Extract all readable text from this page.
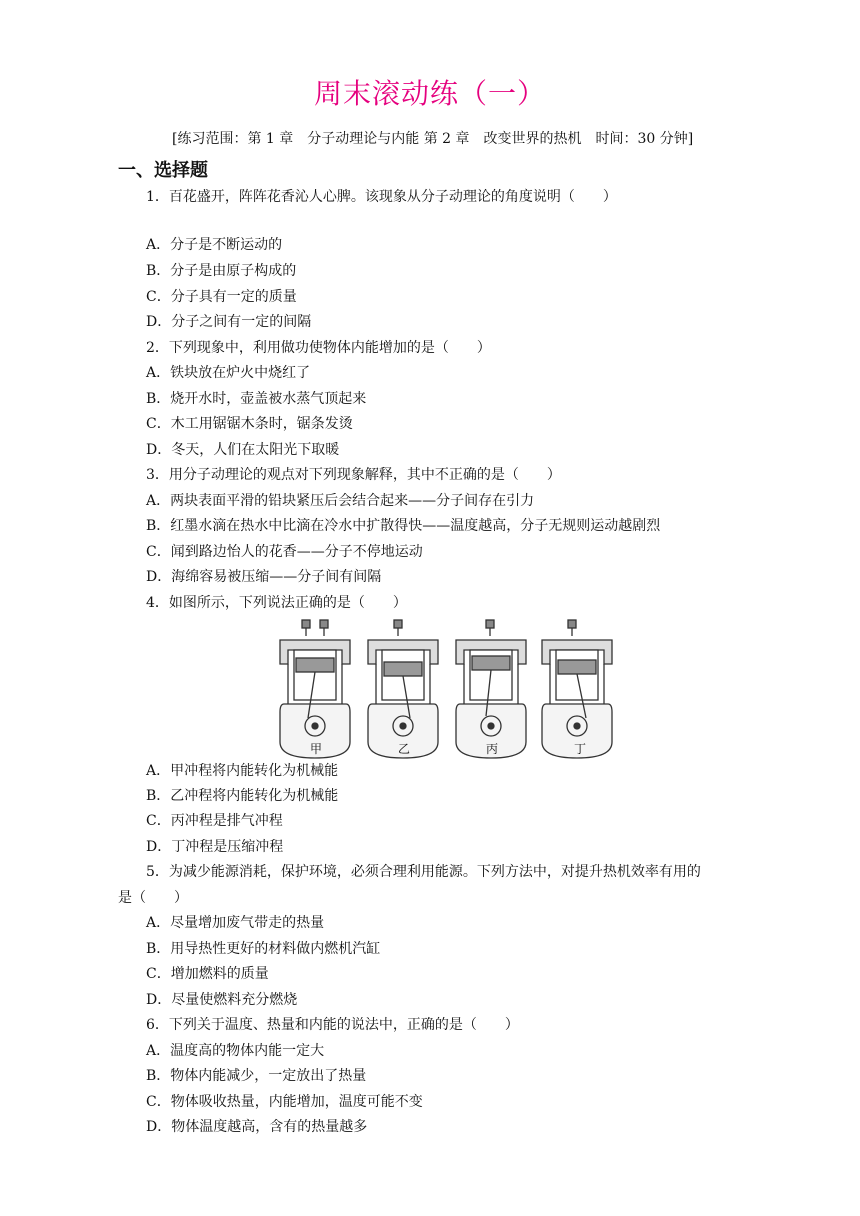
周末滚动练（一）
[练习范围：第 1 章　分子动理论与内能 第 2 章　改变世界的热机　时间：30 分钟]
一、选择题
1．百花盛开，阵阵花香沁人心脾。该现象从分子动理论的角度说明（　　）
A．分子是不断运动的
B．分子是由原子构成的
C．分子具有一定的质量
D．分子之间有一定的间隔
2．下列现象中，利用做功使物体内能增加的是（　　）
A．铁块放在炉火中烧红了
B．烧开水时，壶盖被水蒸气顶起来
C．木工用锯锯木条时，锯条发烫
D．冬天，人们在太阳光下取暖
3．用分子动理论的观点对下列现象解释，其中不正确的是（　　）
A．两块表面平滑的铅块紧压后会结合起来——分子间存在引力
B．红墨水滴在热水中比滴在冷水中扩散得快——温度越高，分子无规则运动越剧烈
C．闻到路边怡人的花香——分子不停地运动
D．海绵容易被压缩——分子间有间隔
4．如图所示，下列说法正确的是（　　）
甲	乙	丙	丁
A．甲冲程将内能转化为机械能
B．乙冲程将内能转化为机械能
C．丙冲程是排气冲程
D．丁冲程是压缩冲程
5．为减少能源消耗，保护环境，必须合理利用能源。下列方法中，对提升热机效率有用的
是（　　）
A．尽量增加废气带走的热量
B．用导热性更好的材料做内燃机汽缸
C．增加燃料的质量
D．尽量使燃料充分燃烧
6．下列关于温度、热量和内能的说法中，正确的是（　　）
A．温度高的物体内能一定大
B．物体内能减少，一定放出了热量
C．物体吸收热量，内能增加，温度可能不变
D．物体温度越高，含有的热量越多
